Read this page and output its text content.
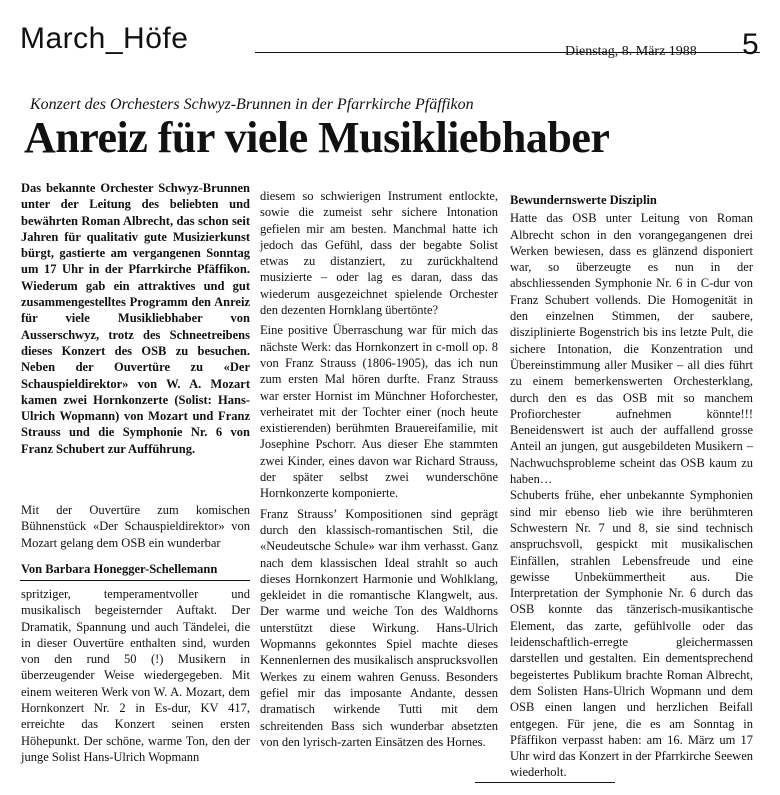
March_Höfe	Dienstag, 8. März 1988 5
Konzert des Orchesters Schwyz-Brunnen in der Pfarrkirche Pfäffikon
Anreiz für viele Musikliebhaber

Das bekannte Orchester Schwyz-Brunnen unter der Leitung des beliebten und bewährten Roman Albrecht, das schon seit Jahren für qualitativ gute Musizierkunst bürgt, gastierte am vergangenen Sonntag um 17 Uhr in der Pfarrkirche Pfäffikon. Wiederum gab ein attraktives und gut zusammengestelltes Programm den Anreiz für viele Musikliebhaber von Ausserschwyz, trotz des Schneetreibens dieses Konzert des OSB zu besuchen. Neben der Ouvertüre zu «Der Schauspieldirektor» von W. A. Mozart kamen zwei Hornkonzerte (Solist: Hans-Ulrich Wopmann) von Mozart und Franz Strauss und die Symphonie Nr. 6 von Franz Schubert zur Aufführung.

Mit der Ouvertüre zum komischen Bühnenstück «Der Schauspieldirektor» von Mozart gelang dem OSB ein wunderbar

Von Barbara Honegger-Schellemann

spritziger, temperamentvoller und musikalisch begeisternder Auftakt. Der Dramatik, Spannung und auch Tändelei, die in dieser Ouvertüre enthalten sind, wurden von den rund 50 (!) Musikern in überzeugender Weise wiedergegeben. Mit einem weiteren Werk von W. A. Mozart, dem Hornkonzert Nr. 2 in Es-dur, KV 417, erreichte das Konzert seinen ersten Höhepunkt. Der schöne, warme Ton, den der junge Solist Hans-Ulrich Wopmann

diesem so schwierigen Instrument entlockte, sowie die zumeist sehr sichere Intonation gefielen mir am besten. Manchmal hatte ich jedoch das Gefühl, dass der begabte Solist etwas zu distanziert, zu zurückhaltend musizierte – oder lag es daran, dass das wiederum ausgezeichnet spielende Orchester den dezenten Hornklang übertönte?

Eine positive Überraschung war für mich das nächste Werk: das Hornkonzert in c-moll op. 8 von Franz Strauss (1806-1905), das ich nun zum ersten Mal hören durfte. Franz Strauss war erster Hornist im Münchner Hoforchester, verheiratet mit der Tochter einer (noch heute existierenden) berühmten Brauereifamilie, mit Josephine Pschorr. Aus dieser Ehe stammten zwei Kinder, eines davon war Richard Strauss, der später selbst zwei wunderschöne Hornkonzerte komponierte.

Franz Strauss’ Kompositionen sind geprägt durch den klassisch-romantischen Stil, die «Neudeutsche Schule» war ihm verhasst. Ganz nach dem klassischen Ideal strahlt so auch dieses Hornkonzert Harmonie und Wohlklang, gekleidet in die romantische Klangwelt, aus. Der warme und weiche Ton des Waldhorns unterstützt diese Wirkung. Hans-Ulrich Wopmanns gekonntes Spiel machte dieses Kennenlernen des musikalisch ansprucksvollen Werkes zu einem wahren Genuss. Besonders gefiel mir das imposante Andante, dessen dramatisch wirkende Tutti mit dem schreitenden Bass sich wunderbar absetzten von den lyrisch-zarten Einsätzen des Hornes.

Bewundernswerte Disziplin

Hatte das OSB unter Leitung von Roman Albrecht schon in den vorangegangenen drei Werken bewiesen, dass es glänzend disponiert war, so überzeugte es nun in der abschliessenden Symphonie Nr. 6 in C-dur von Franz Schubert vollends. Die Homogenität in den einzelnen Stimmen, der saubere, disziplinierte Bogenstrich bis ins letzte Pult, die sichere Intonation, die Konzentration und Übereinstimmung aller Musiker – all dies führt zu einem bemerkenswerten Orchesterklang, durch den es das OSB mit so manchem Profiorchester aufnehmen könnte!!! Beneidenswert ist auch der auffallend grosse Anteil an jungen, gut ausgebildeten Musikern – Nachwuchsprobleme scheint das OSB kaum zu haben…

Schuberts frühe, eher unbekannte Symphonien sind mir ebenso lieb wie ihre berühmteren Schwestern Nr. 7 und 8, sie sind technisch anspruchsvoll, gespickt mit musikalischen Einfällen, strahlen Lebensfreude und eine gewisse Unbekümmertheit aus. Die Interpretation der Symphonie Nr. 6 durch das OSB konnte das tänzerisch-musikantische Element, das zarte, gefühlvolle oder das leidenschaftlich-erregte gleichermassen darstellen und gestalten. Ein dementsprechend begeistertes Publikum brachte Roman Albrecht, dem Solisten Hans-Ulrich Wopmann und dem OSB einen langen und herzlichen Beifall entgegen. Für jene, die es am Sonntag in Pfäffikon verpasst haben: am 16. März um 17 Uhr wird das Konzert in der Pfarrkirche Seewen wiederholt.
